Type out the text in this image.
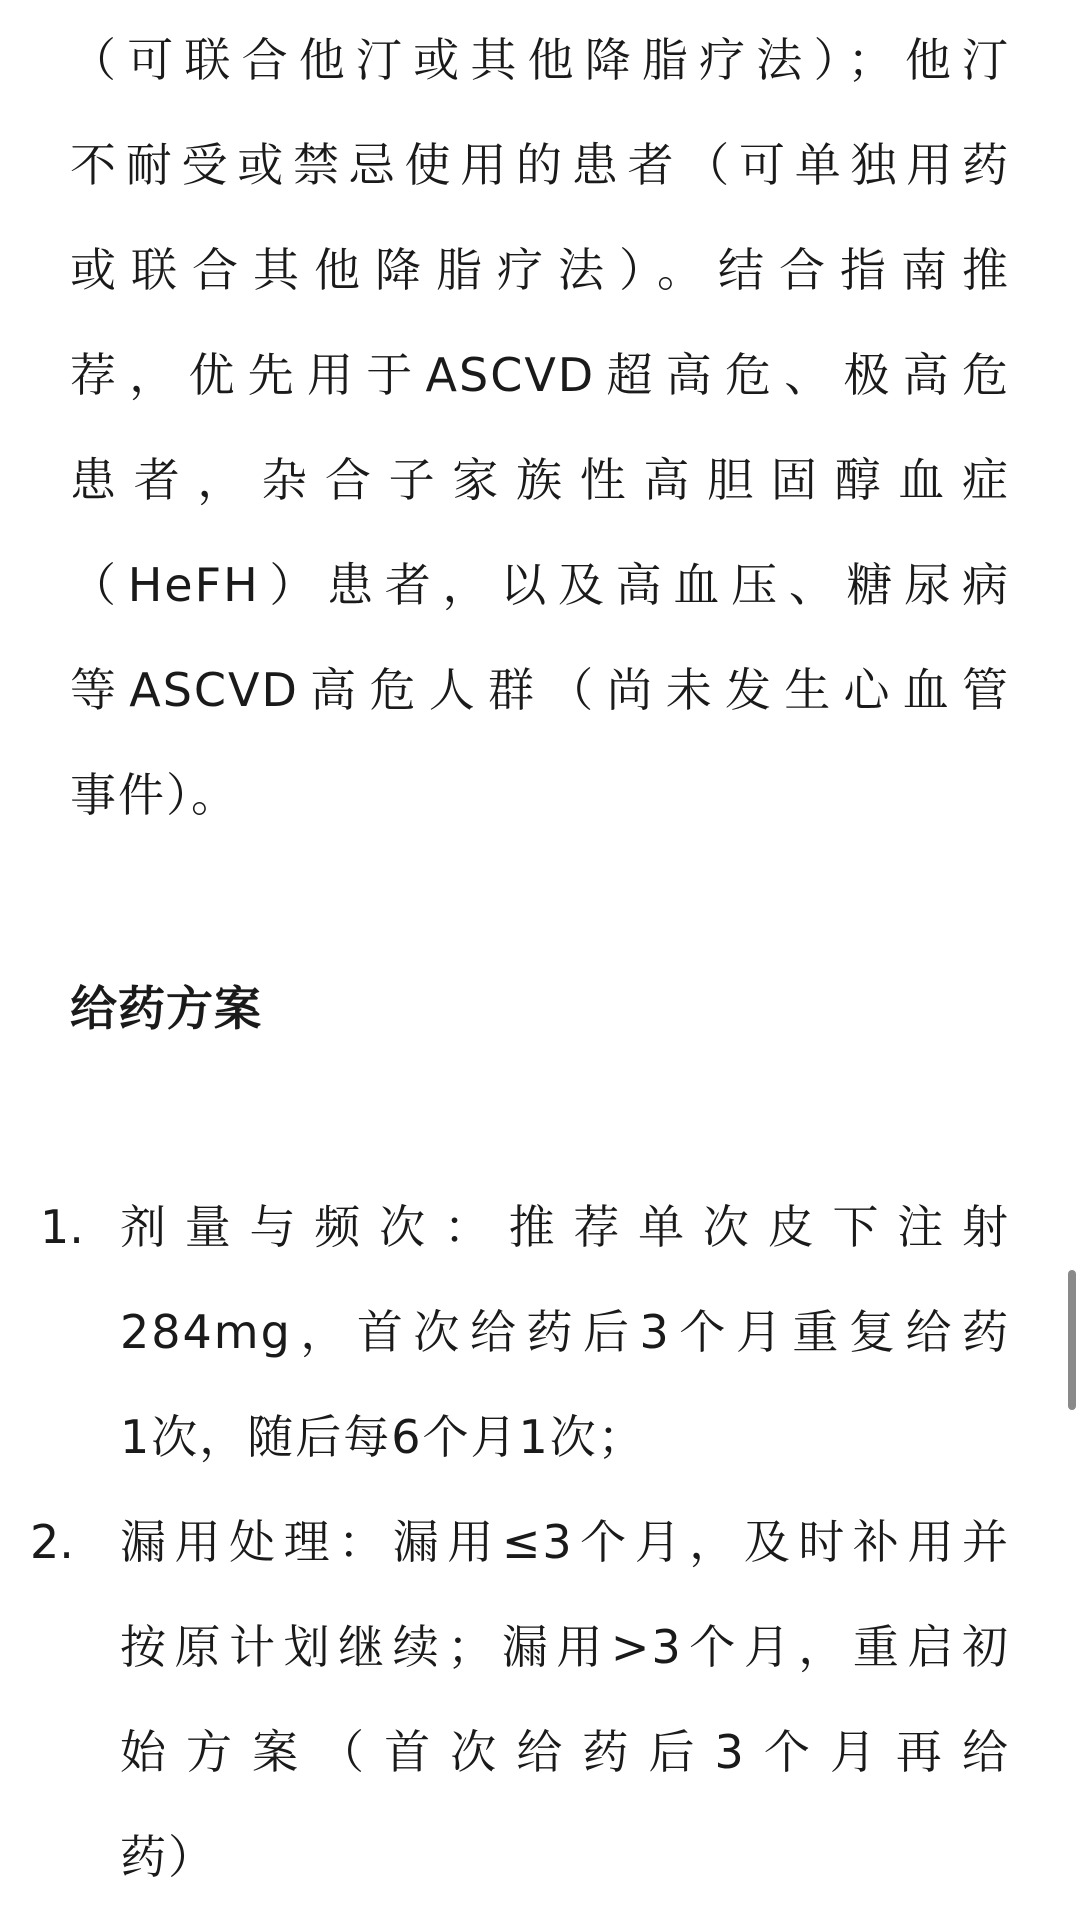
（可联合他汀或其他降脂疗法）；他汀
不耐受或禁忌使用的患者（可单独用药
或联合其他降脂疗法）。结合指南推
荐，优先用于ASCVD超高危、极高危
患者，杂合子家族性高胆固醇血症
（HeFH）患者，以及高血压、糖尿病
等ASCVD高危人群（尚未发生心血管
事件）。
给药方案
1. 剂量与频次：推荐单次皮下注射
284mg，首次给药后3个月重复给药
1次，随后每6个月1次；
2. 漏用处理：漏用≤3个月，及时补用并
按原计划继续；漏用>3个月，重启初
始方案（首次给药后3个月再给
药）
